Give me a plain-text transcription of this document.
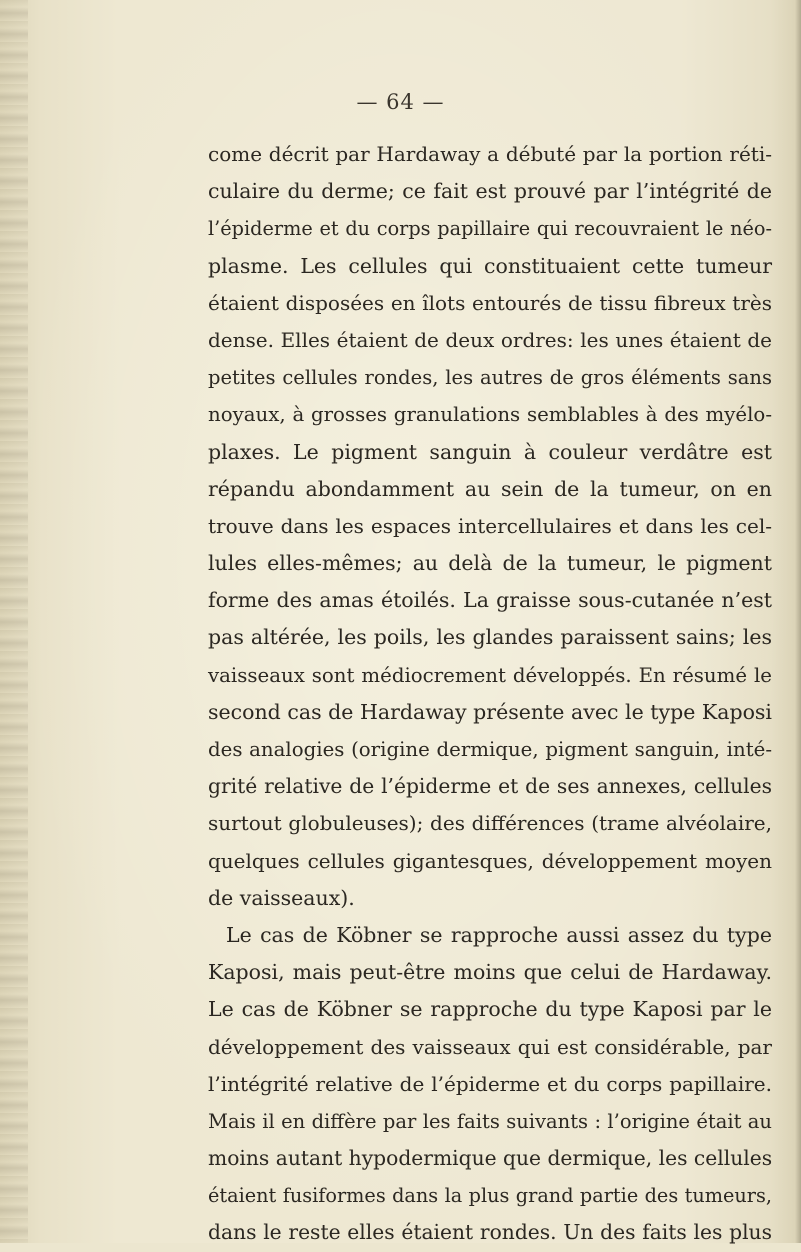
— 64 —
come décrit par Hardaway a débuté par la portion réti-
culaire du derme; ce fait est prouvé par l’intégrité de
l’épiderme et du corps papillaire qui recouvraient le néo-
plasme. Les cellules qui constituaient cette tumeur
étaient disposées en îlots entourés de tissu fibreux très
dense. Elles étaient de deux ordres: les unes étaient de
petites cellules rondes, les autres de gros éléments sans
noyaux, à grosses granulations semblables à des myélo-
plaxes. Le pigment sanguin à couleur verdâtre est
répandu abondamment au sein de la tumeur, on en
trouve dans les espaces intercellulaires et dans les cel-
lules elles-mêmes; au delà de la tumeur, le pigment
forme des amas étoilés. La graisse sous-cutanée n’est
pas altérée, les poils, les glandes paraissent sains; les
vaisseaux sont médiocrement développés. En résumé le
second cas de Hardaway présente avec le type Kaposi
des analogies (origine dermique, pigment sanguin, inté-
grité relative de l’épiderme et de ses annexes, cellules
surtout globuleuses); des différences (trame alvéolaire,
quelques cellules gigantesques, développement moyen
de vaisseaux).
Le cas de Köbner se rapproche aussi assez du type
Kaposi, mais peut-être moins que celui de Hardaway.
Le cas de Köbner se rapproche du type Kaposi par le
développement des vaisseaux qui est considérable, par
l’intégrité relative de l’épiderme et du corps papillaire.
Mais il en diffère par les faits suivants : l’origine était au
moins autant hypodermique que dermique, les cellules
étaient fusiformes dans la plus grand partie des tumeurs,
dans le reste elles étaient rondes. Un des faits les plus
